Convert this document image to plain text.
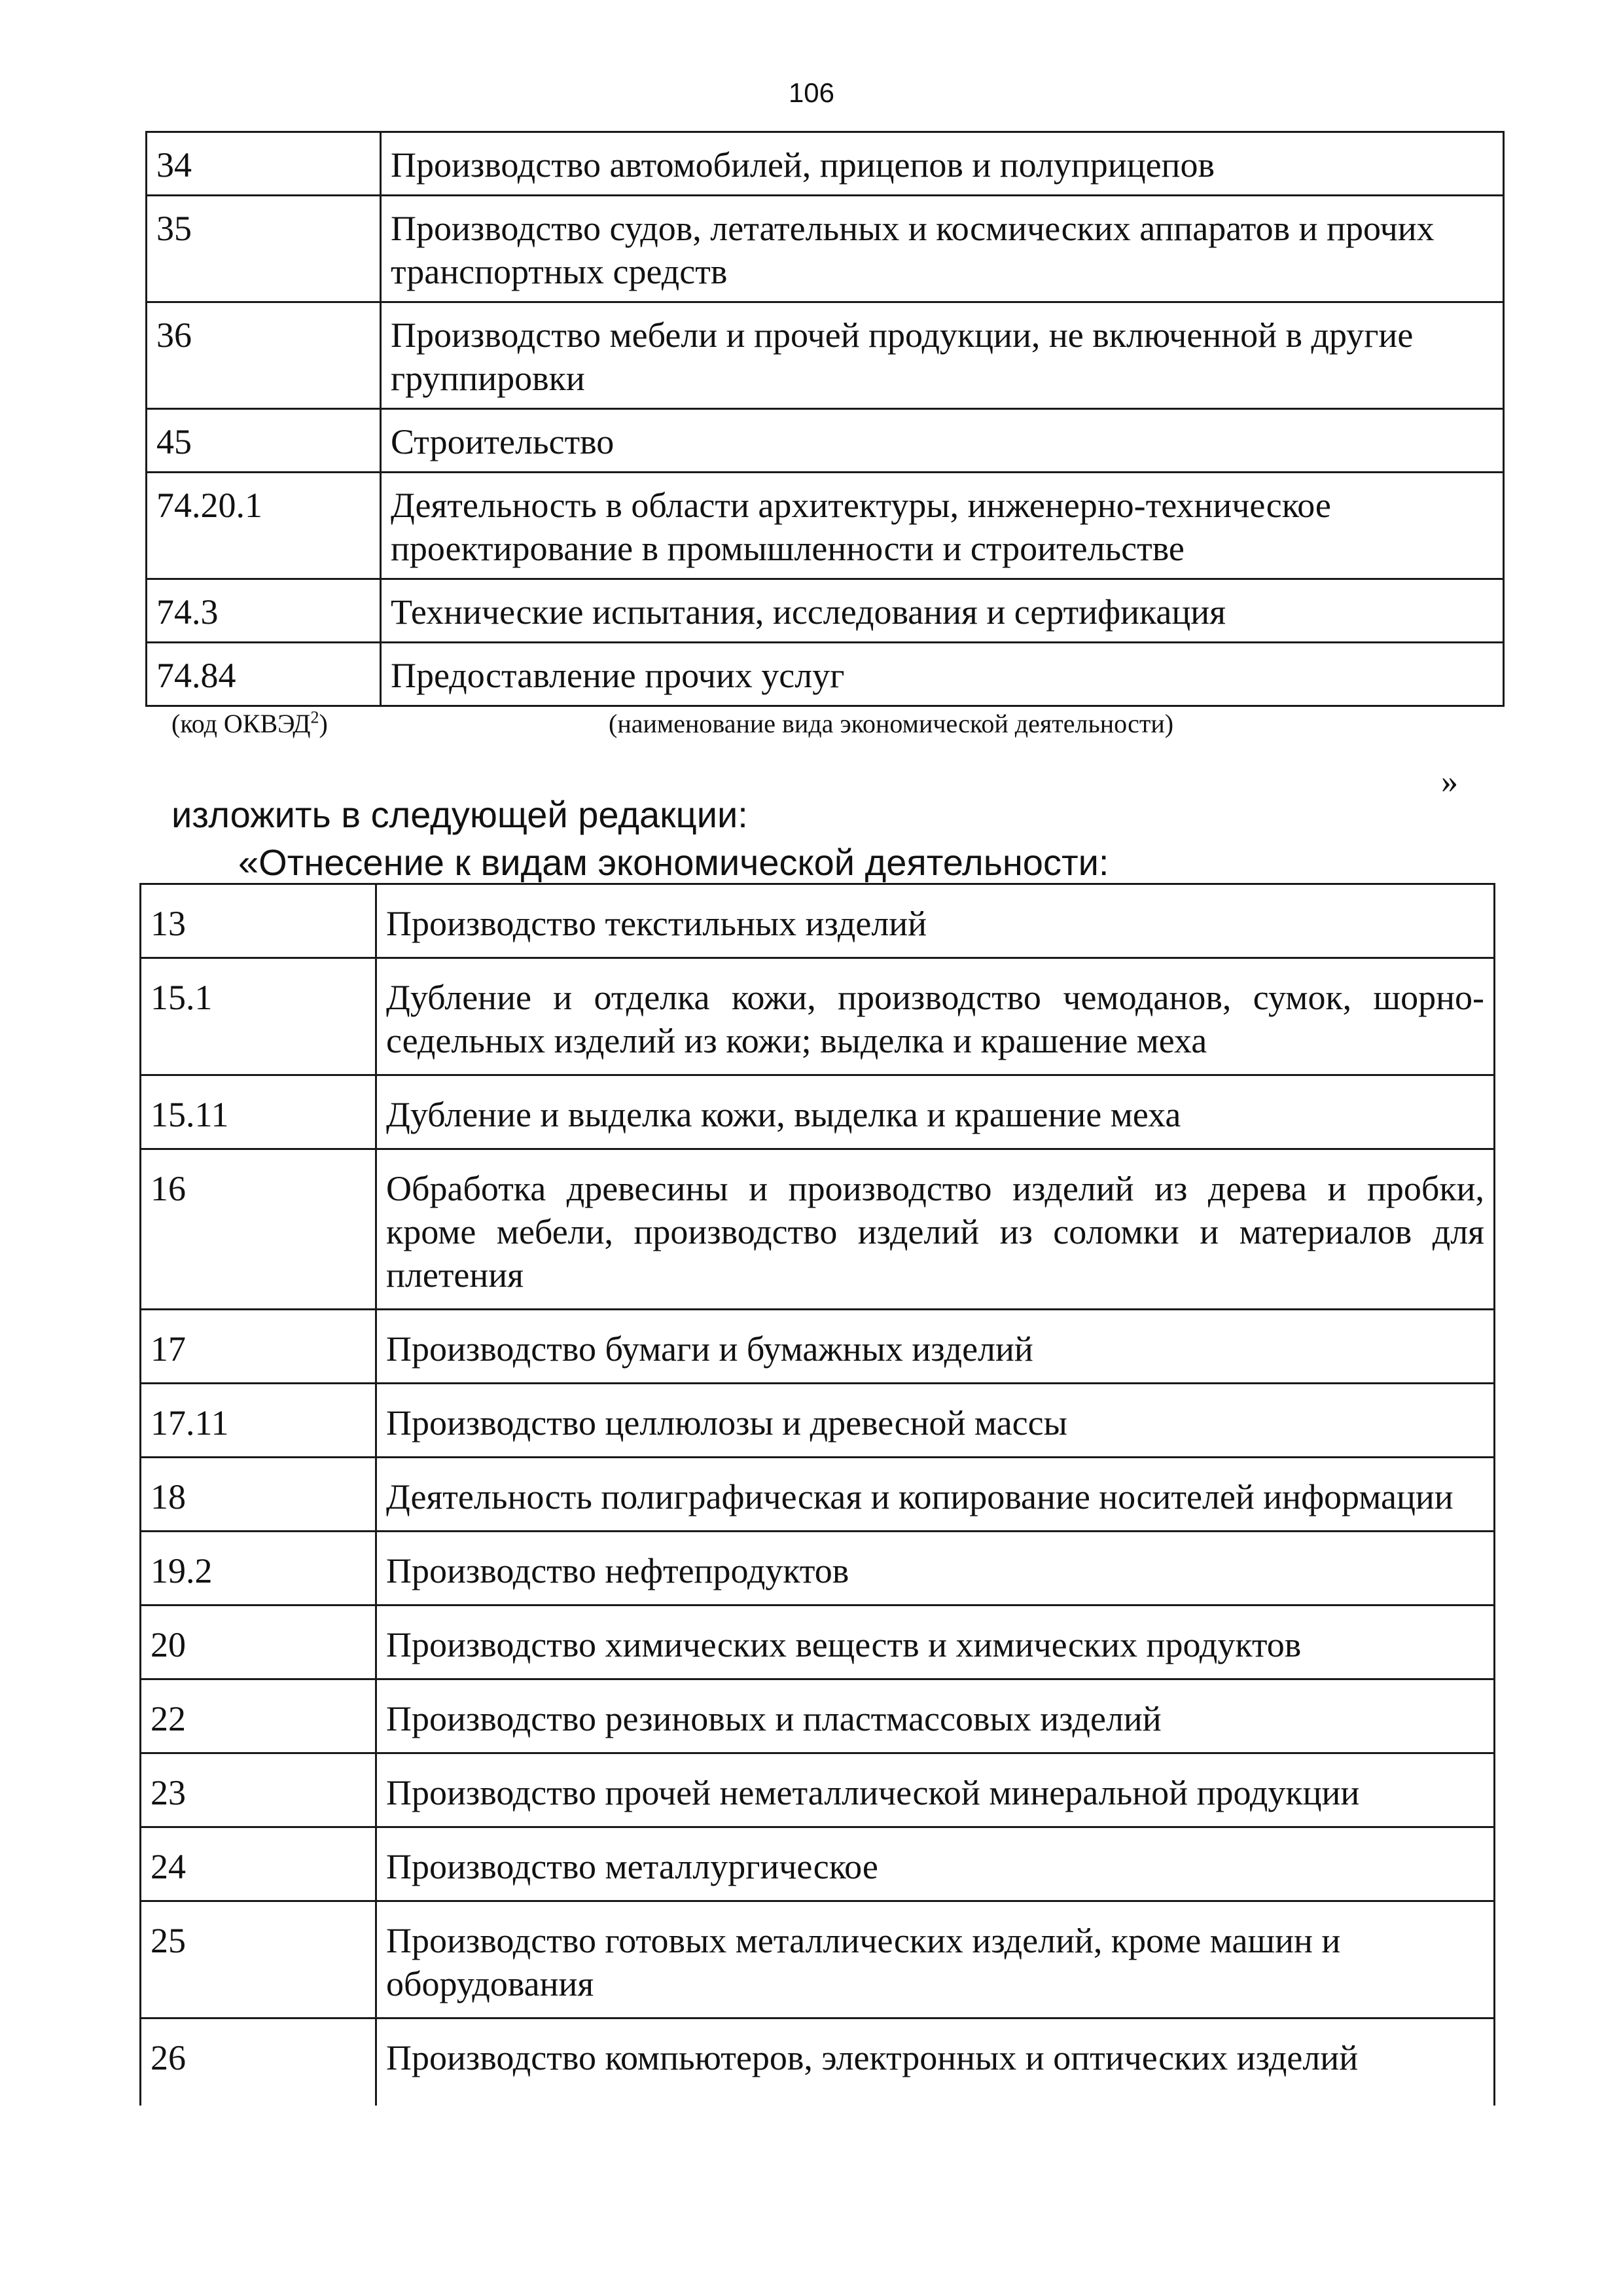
106
34	Производство автомобилей, прицепов и полуприцепов
35	Производство судов, летательных и космических аппаратов и прочих транспортных средств
36	Производство мебели и прочей продукции, не включенной в другие группировки
45	Строительство
74.20.1	Деятельность в области архитектуры, инженерно-техническое проектирование в промышленности и строительстве
74.3	Технические испытания, исследования и сертификация
74.84	Предоставление прочих услуг
(код ОКВЭД$^2$)	(наименование вида экономической деятельности)
»
изложить в следующей редакции:
«Отнесение к видам экономической деятельности:
13	Производство текстильных изделий
15.1	Дубление и отделка кожи, производство чемоданов, сумок, шорно-седельных изделий из кожи; выделка и крашение меха
15.11	Дубление и выделка кожи, выделка и крашение меха
16	Обработка древесины и производство изделий из дерева и пробки, кроме мебели, производство изделий из соломки и материалов для плетения
17	Производство бумаги и бумажных изделий
17.11	Производство целлюлозы и древесной массы
18	Деятельность полиграфическая и копирование носителей информации
19.2	Производство нефтепродуктов
20	Производство химических веществ и химических продуктов
22	Производство резиновых и пластмассовых изделий
23	Производство прочей неметаллической минеральной продукции
24	Производство металлургическое
25	Производство готовых металлических изделий, кроме машин и оборудования
26	Производство компьютеров, электронных и оптических изделий
